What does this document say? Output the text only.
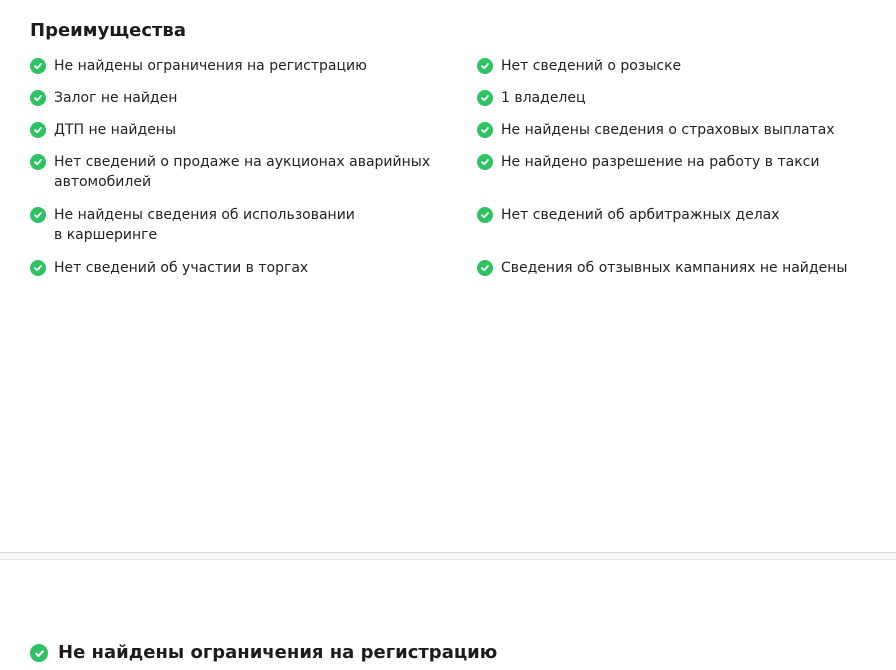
Преимущества
Не найдены ограничения на регистрацию
Залог не найден
ДТП не найдены
Нет сведений о продаже на аукционах аварийных
автомобилей
Не найдены сведения об использовании
в каршеринге
Нет сведений об участии в торгах
Нет сведений о розыске
1 владелец
Не найдены сведения о страховых выплатах
Не найдено разрешение на работу в такси
Нет сведений об арбитражных делах
Сведения об отзывных кампаниях не найдены
Не найдены ограничения на регистрацию
